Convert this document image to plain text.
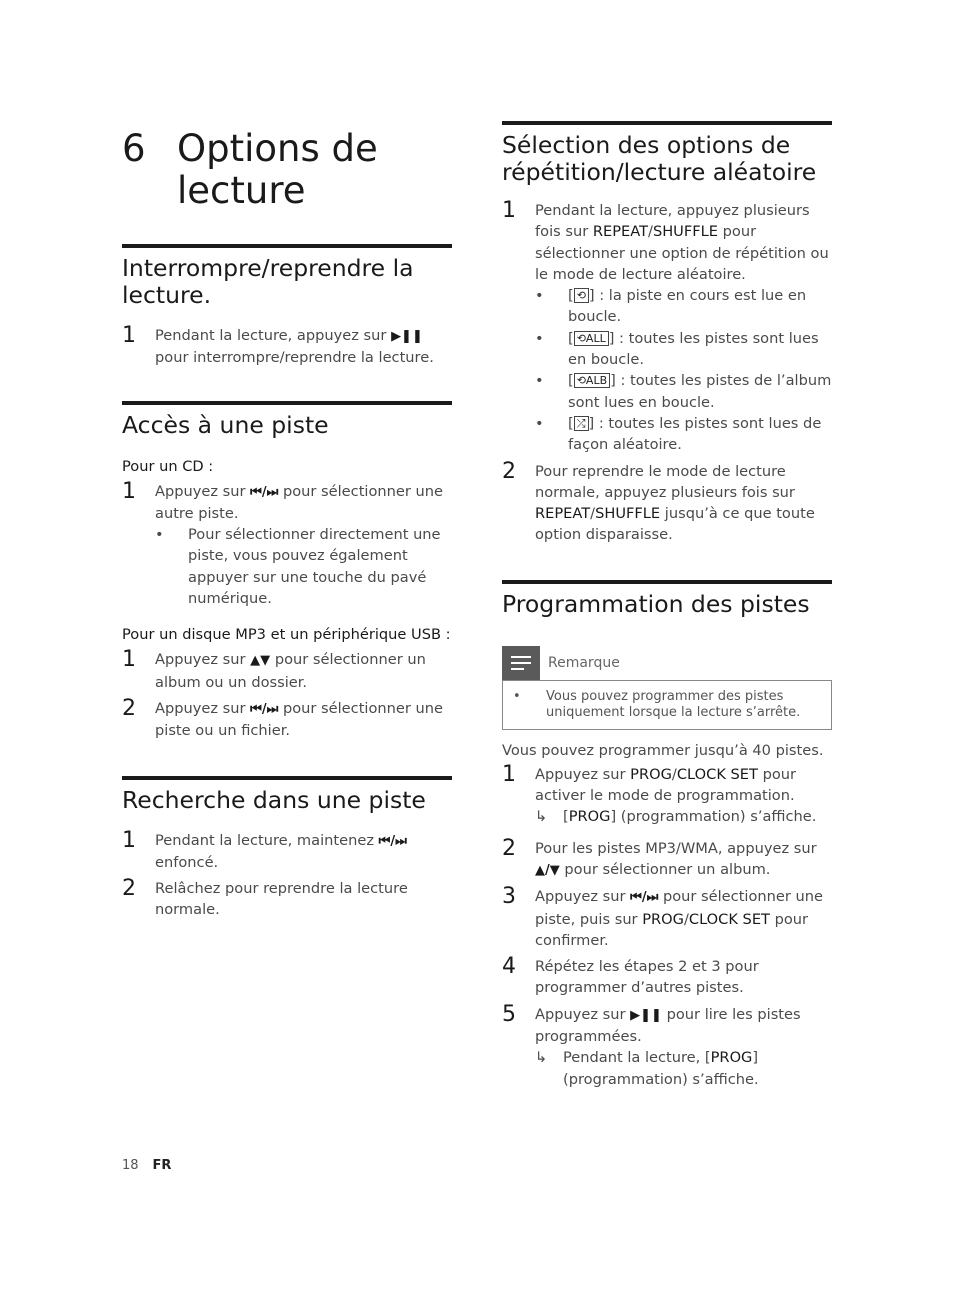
6 Options de
lecture
Interrompre/reprendre la
lecture.
1	Pendant la lecture, appuyez sur ▶❚❚ pour interrompre/reprendre la lecture.
Accès à une piste
Pour un CD :
1	Appuyez sur ⏮/⏭ pour sélectionner une autre piste.
• Pour sélectionner directement une piste, vous pouvez également appuyer sur une touche du pavé numérique.
Pour un disque MP3 et un périphérique USB :
1	Appuyez sur ▲▼ pour sélectionner un album ou un dossier.
2	Appuyez sur ⏮/⏭ pour sélectionner une piste ou un fichier.
Recherche dans une piste
1	Pendant la lecture, maintenez ⏮/⏭ enfoncé.
2	Relâchez pour reprendre la lecture normale.
Sélection des options de
répétition/lecture aléatoire
1	Pendant la lecture, appuyez plusieurs fois sur REPEAT/SHUFFLE pour sélectionner une option de répétition ou le mode de lecture aléatoire.
• [ ⟲ ] : la piste en cours est lue en boucle.
• [ ⟲ALL ] : toutes les pistes sont lues en boucle.
• [ ⟲ALB ] : toutes les pistes de l’album sont lues en boucle.
• [ ⤮ ] : toutes les pistes sont lues de façon aléatoire.
2	Pour reprendre le mode de lecture normale, appuyez plusieurs fois sur REPEAT/SHUFFLE jusqu’à ce que toute option disparaisse.
Programmation des pistes
Remarque
• Vous pouvez programmer des pistes uniquement lorsque la lecture s’arrête.
Vous pouvez programmer jusqu’à 40 pistes.
1	Appuyez sur PROG/CLOCK SET pour activer le mode de programmation.
↳	[PROG] (programmation) s’affiche.
2	Pour les pistes MP3/WMA, appuyez sur ▲/▼ pour sélectionner un album.
3	Appuyez sur ⏮/⏭ pour sélectionner une piste, puis sur PROG/CLOCK SET pour confirmer.
4	Répétez les étapes 2 et 3 pour programmer d’autres pistes.
5	Appuyez sur ▶❚❚ pour lire les pistes programmées.
↳	Pendant la lecture, [PROG] (programmation) s’affiche.
18 FR
